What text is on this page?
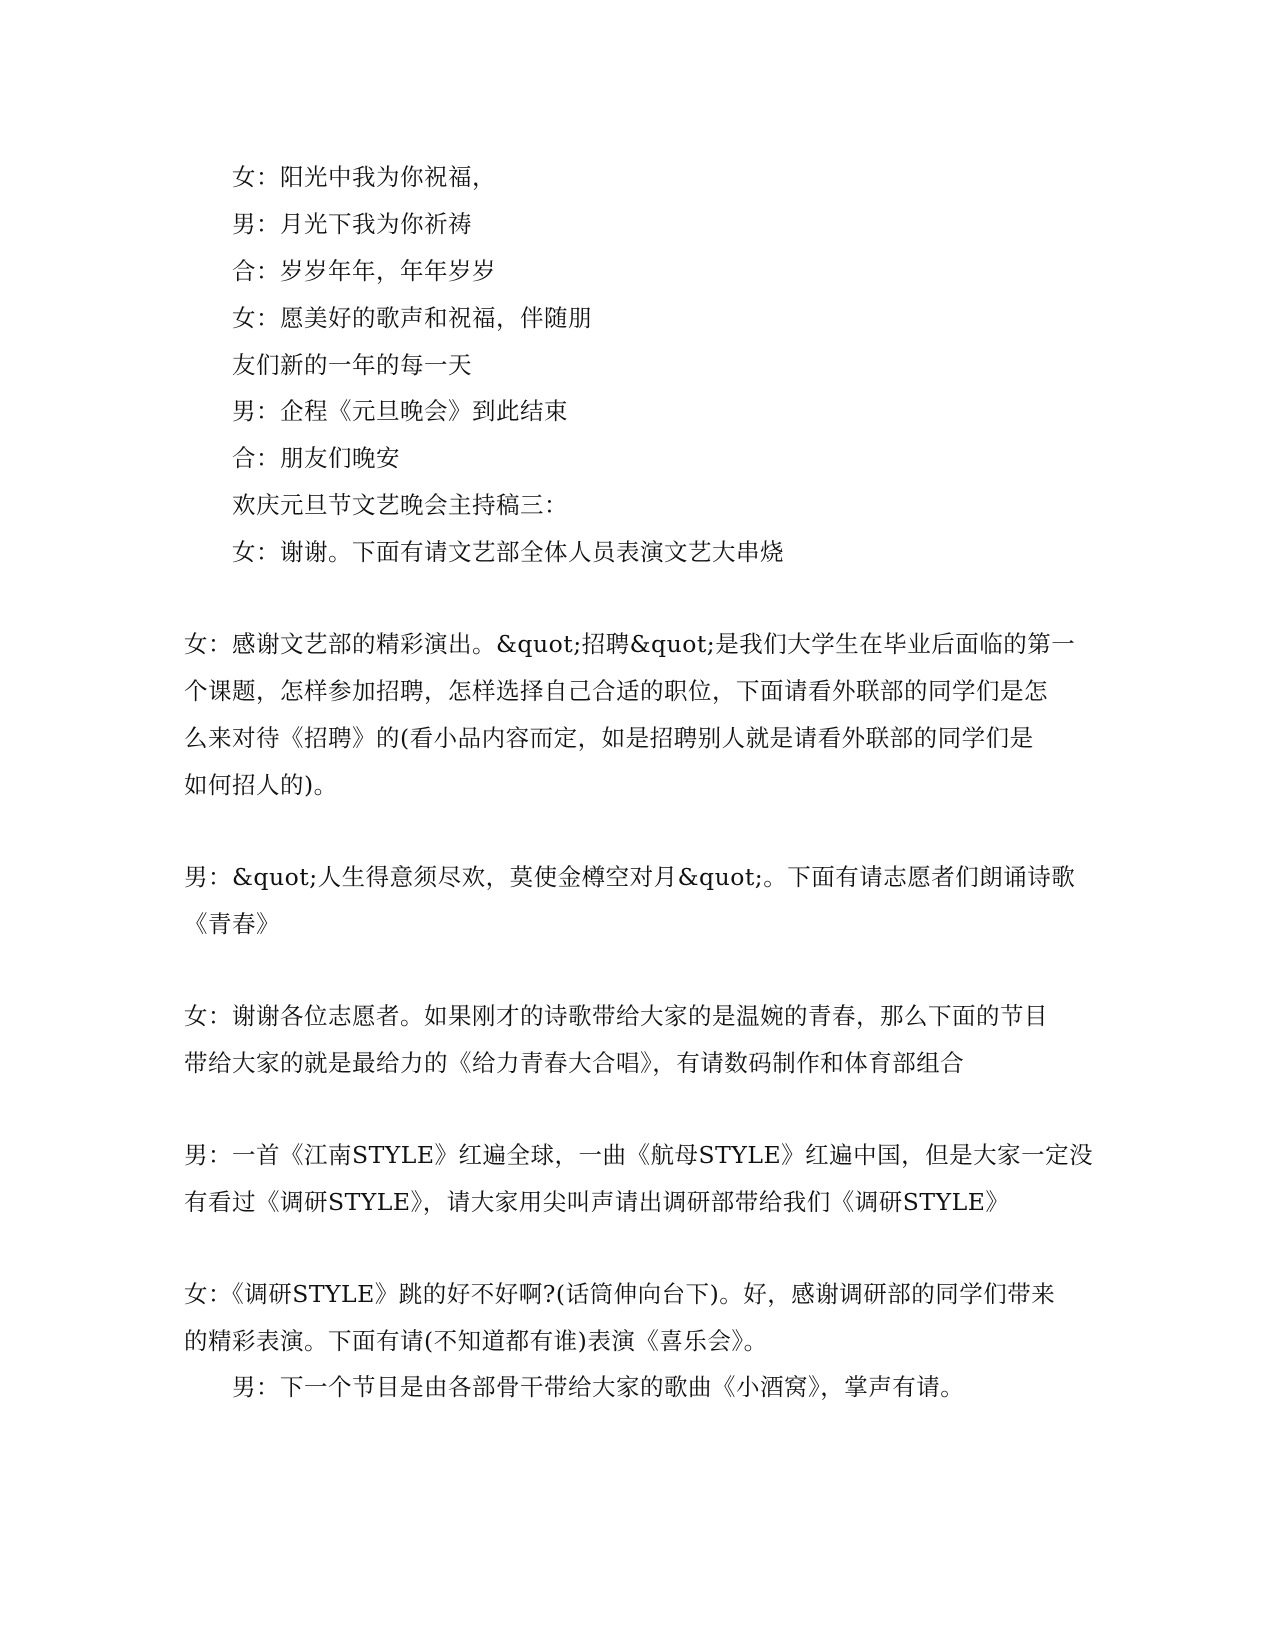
女：阳光中我为你祝福，
男：月光下我为你祈祷
合：岁岁年年，年年岁岁
女：愿美好的歌声和祝福，伴随朋
友们新的一年的每一天
男：企程《元旦晚会》到此结束
合：朋友们晚安
欢庆元旦节文艺晚会主持稿三：
女：谢谢。下面有请文艺部全体人员表演文艺大串烧
女：感谢文艺部的精彩演出。&quot;招聘&quot;是我们大学生在毕业后面临的第一
个课题，怎样参加招聘，怎样选择自己合适的职位，下面请看外联部的同学们是怎
么来对待《招聘》的(看小品内容而定，如是招聘别人就是请看外联部的同学们是
如何招人的)。
男：&quot;人生得意须尽欢，莫使金樽空对月&quot;。下面有请志愿者们朗诵诗歌
《青春》
女：谢谢各位志愿者。如果刚才的诗歌带给大家的是温婉的青春，那么下面的节目
带给大家的就是最给力的《给力青春大合唱》，有请数码制作和体育部组合
男：一首《江南STYLE》红遍全球，一曲《航母STYLE》红遍中国，但是大家一定没
有看过《调研STYLE》，请大家用尖叫声请出调研部带给我们《调研STYLE》
女：《调研STYLE》跳的好不好啊?(话筒伸向台下)。好，感谢调研部的同学们带来
的精彩表演。下面有请(不知道都有谁)表演《喜乐会》。
男：下一个节目是由各部骨干带给大家的歌曲《小酒窝》，掌声有请。
